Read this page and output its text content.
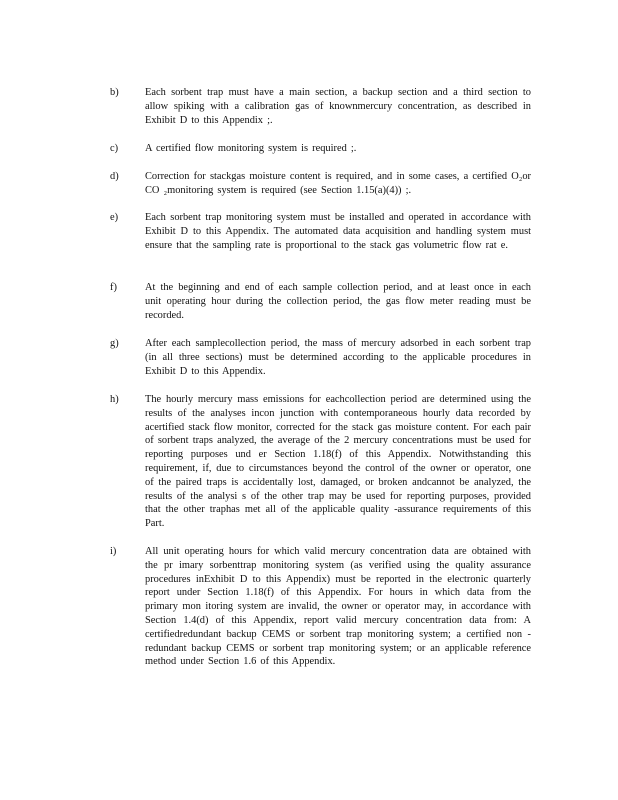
b)	Each sorbent trap must have a main section, a backup section and a third section to allow spiking with a calibration gas of knownmercury concentration, as described in Exhibit D to this Appendix ;.
c)	A certified flow monitoring system is required ;.
d)	Correction for stackgas moisture content is required, and in some cases, a certified O₂or CO ₂monitoring system is required (see Section 1.15(a)(4)) ;.
e)	Each sorbent trap monitoring system must be installed and operated in accordance with Exhibit D to this Appendix. The automated data acquisition and handling system must ensure that the sampling rate is proportional to the stack gas volumetric flow rat e.
f)	At the beginning and end of each sample collection period, and at least once in each unit operating hour during the collection period, the gas flow meter reading must be recorded.
g)	After each samplecollection period, the mass of mercury adsorbed in each sorbent trap (in all three sections) must be determined according to the applicable procedures in Exhibit D to this Appendix.
h)	The hourly mercury mass emissions for eachcollection period are determined using the results of the analyses incon junction with contemporaneous hourly data recorded by acertified stack flow monitor, corrected for the stack gas moisture content. For each pair of sorbent traps analyzed, the average of the 2 mercury concentrations must be used for reporting purposes und er Section 1.18(f) of this Appendix. Notwithstanding this requirement, if, due to circumstances beyond the control of the owner or operator, one of the paired traps is accidentally lost, damaged, or broken andcannot be analyzed, the results of the analysi s of the other trap may be used for reporting purposes, provided that the other traphas met all of the applicable quality -assurance requirements of this Part.
i)	All unit operating hours for which valid mercury concentration data are obtained with the pr imary sorbenttrap monitoring system (as verified using the quality assurance procedures inExhibit D to this Appendix) must be reported in the electronic quarterly report under Section 1.18(f) of this Appendix. For hours in which data from the primary mon itoring system are invalid, the owner or operator may, in accordance with Section 1.4(d) of this Appendix, report valid mercury concentration data from: A certifiedredundant backup CEMS or sorbent trap monitoring system; a certified non -redundant backup CEMS or sorbent trap monitoring system; or an applicable reference method under Section 1.6 of this Appendix.
